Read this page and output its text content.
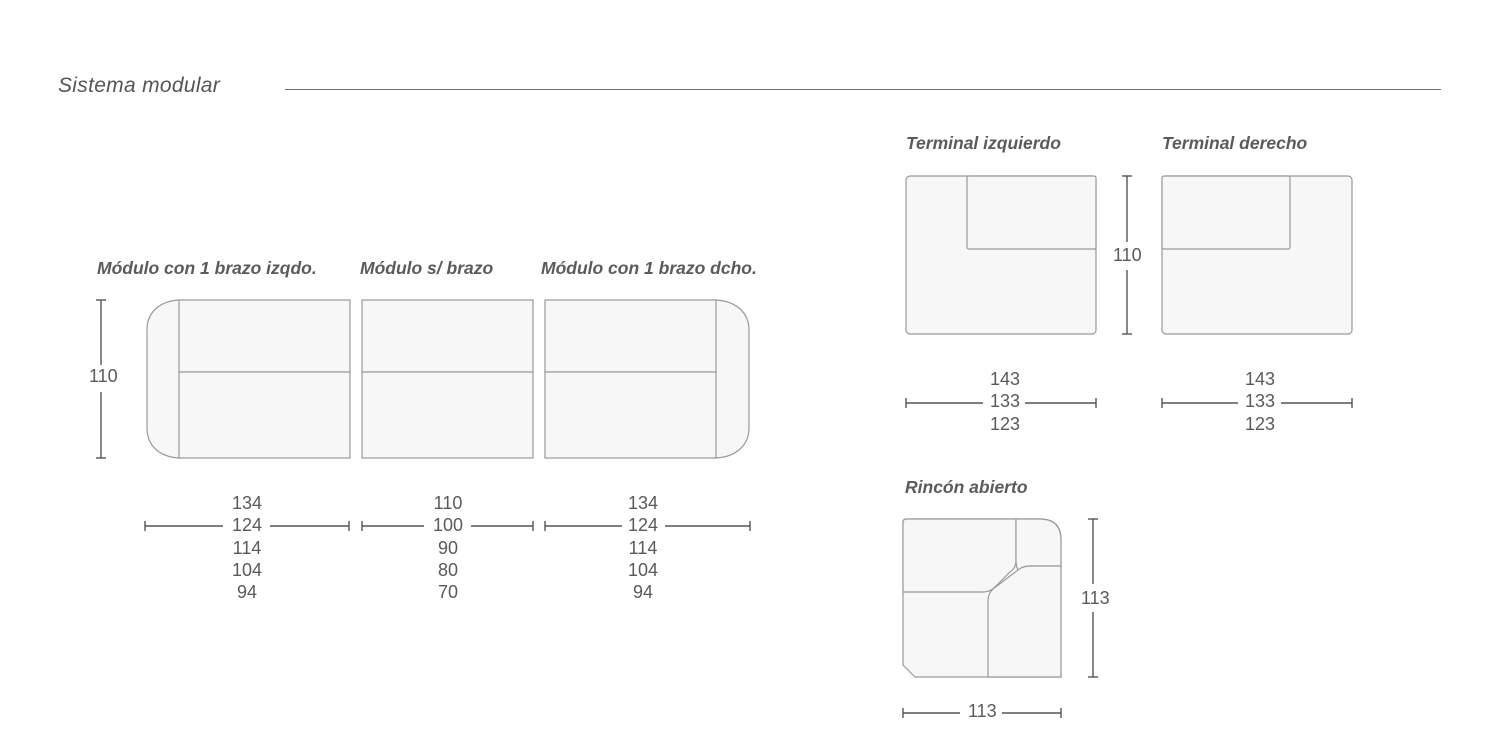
Sistema modular
Módulo con 1 brazo izqdo. Módulo s/ brazo	Módulo con 1 brazo dcho.
Terminal izquierdo	Terminal derecho
Rincón abierto
110
110
113
113
134
124
114
104
94
110
100
90
80
70
134
124
114
104
94
143
133
123
143
133
123
